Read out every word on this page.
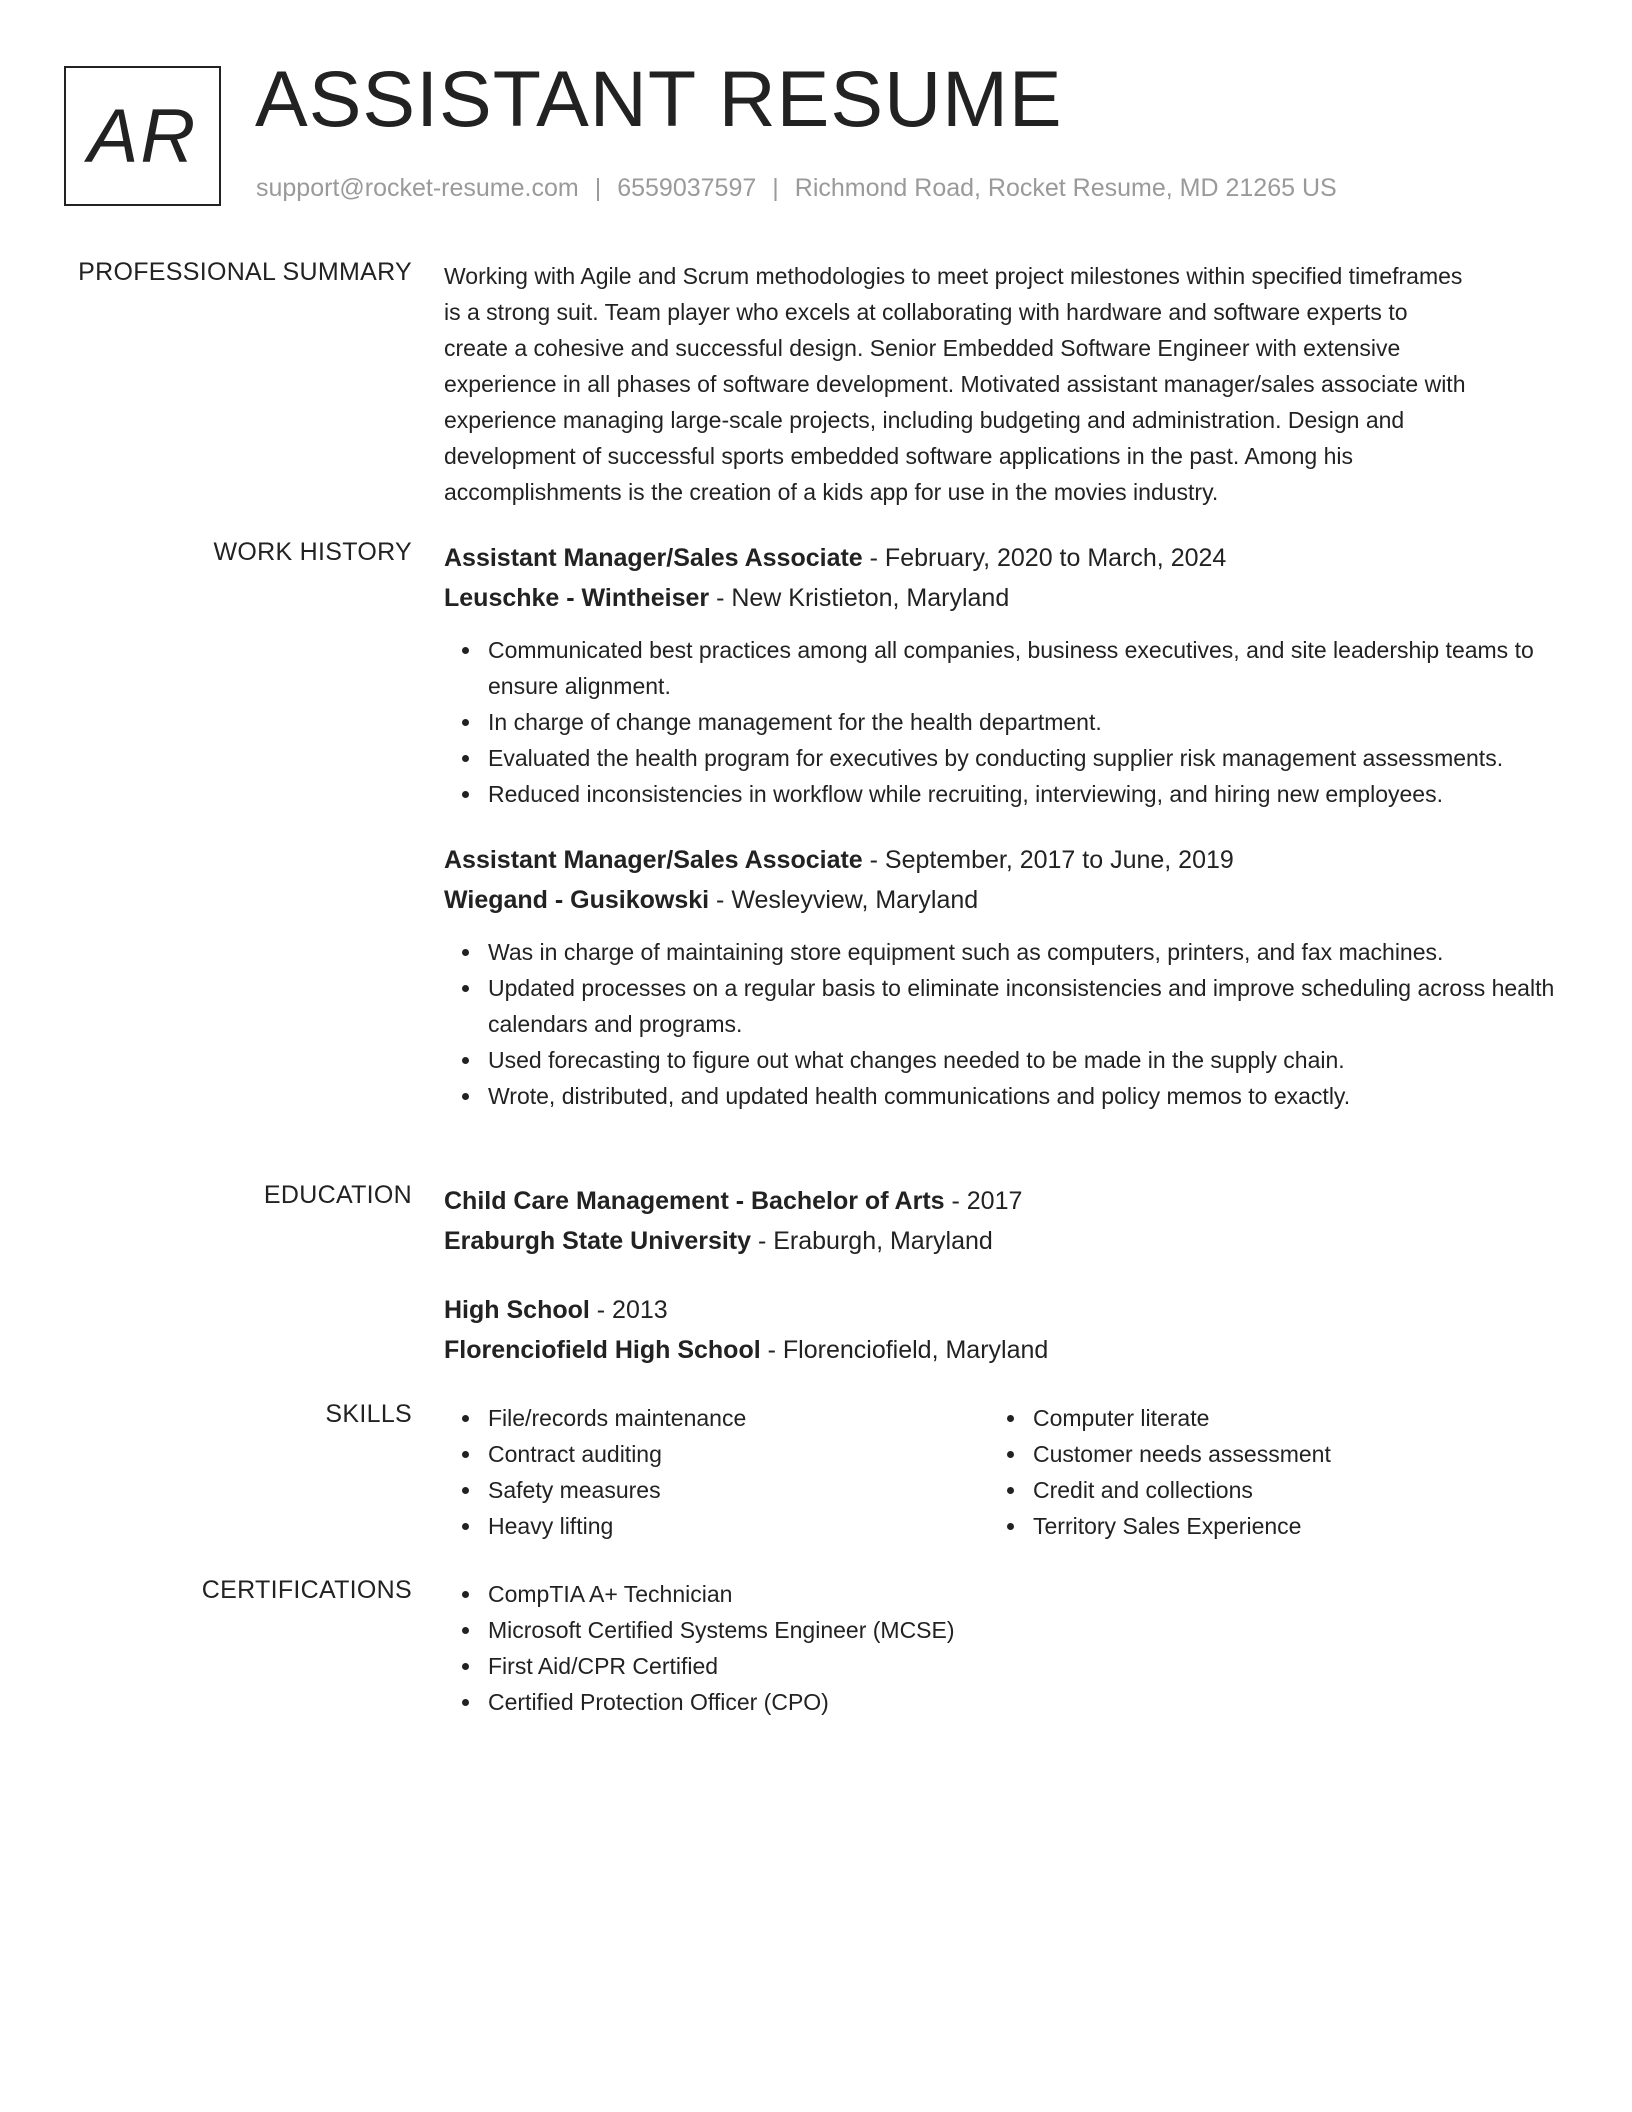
AR ASSISTANT RESUME
support@rocket-resume.com | 6559037597 | Richmond Road, Rocket Resume, MD 21265 US
PROFESSIONAL SUMMARY Working with Agile and Scrum methodologies to meet project milestones within specified timeframes
is a strong suit. Team player who excels at collaborating with hardware and software experts to
create a cohesive and successful design. Senior Embedded Software Engineer with extensive
experience in all phases of software development. Motivated assistant manager/sales associate with
experience managing large-scale projects, including budgeting and administration. Design and
development of successful sports embedded software applications in the past. Among his
accomplishments is the creation of a kids app for use in the movies industry.
WORK HISTORY Assistant Manager/Sales Associate - February, 2020 to March, 2024
Leuschke - Wintheiser - New Kristieton, Maryland
Communicated best practices among all companies, business executives, and site leadership teams to ensure alignment.
In charge of change management for the health department.
Evaluated the health program for executives by conducting supplier risk management assessments.
Reduced inconsistencies in workflow while recruiting, interviewing, and hiring new employees.
Assistant Manager/Sales Associate - September, 2017 to June, 2019
Wiegand - Gusikowski - Wesleyview, Maryland
Was in charge of maintaining store equipment such as computers, printers, and fax machines.
Updated processes on a regular basis to eliminate inconsistencies and improve scheduling across health calendars and programs.
Used forecasting to figure out what changes needed to be made in the supply chain.
Wrote, distributed, and updated health communications and policy memos to exactly.
EDUCATION Child Care Management - Bachelor of Arts - 2017
Eraburgh State University - Eraburgh, Maryland
High School - 2013
Florenciofield High School - Florenciofield, Maryland
SKILLS	File/records maintenance
Contract auditing
Safety measures
Heavy lifting
Computer literate
Customer needs assessment
Credit and collections
Territory Sales Experience
CERTIFICATIONS	CompTIA A+ Technician
Microsoft Certified Systems Engineer (MCSE)
First Aid/CPR Certified
Certified Protection Officer (CPO)
